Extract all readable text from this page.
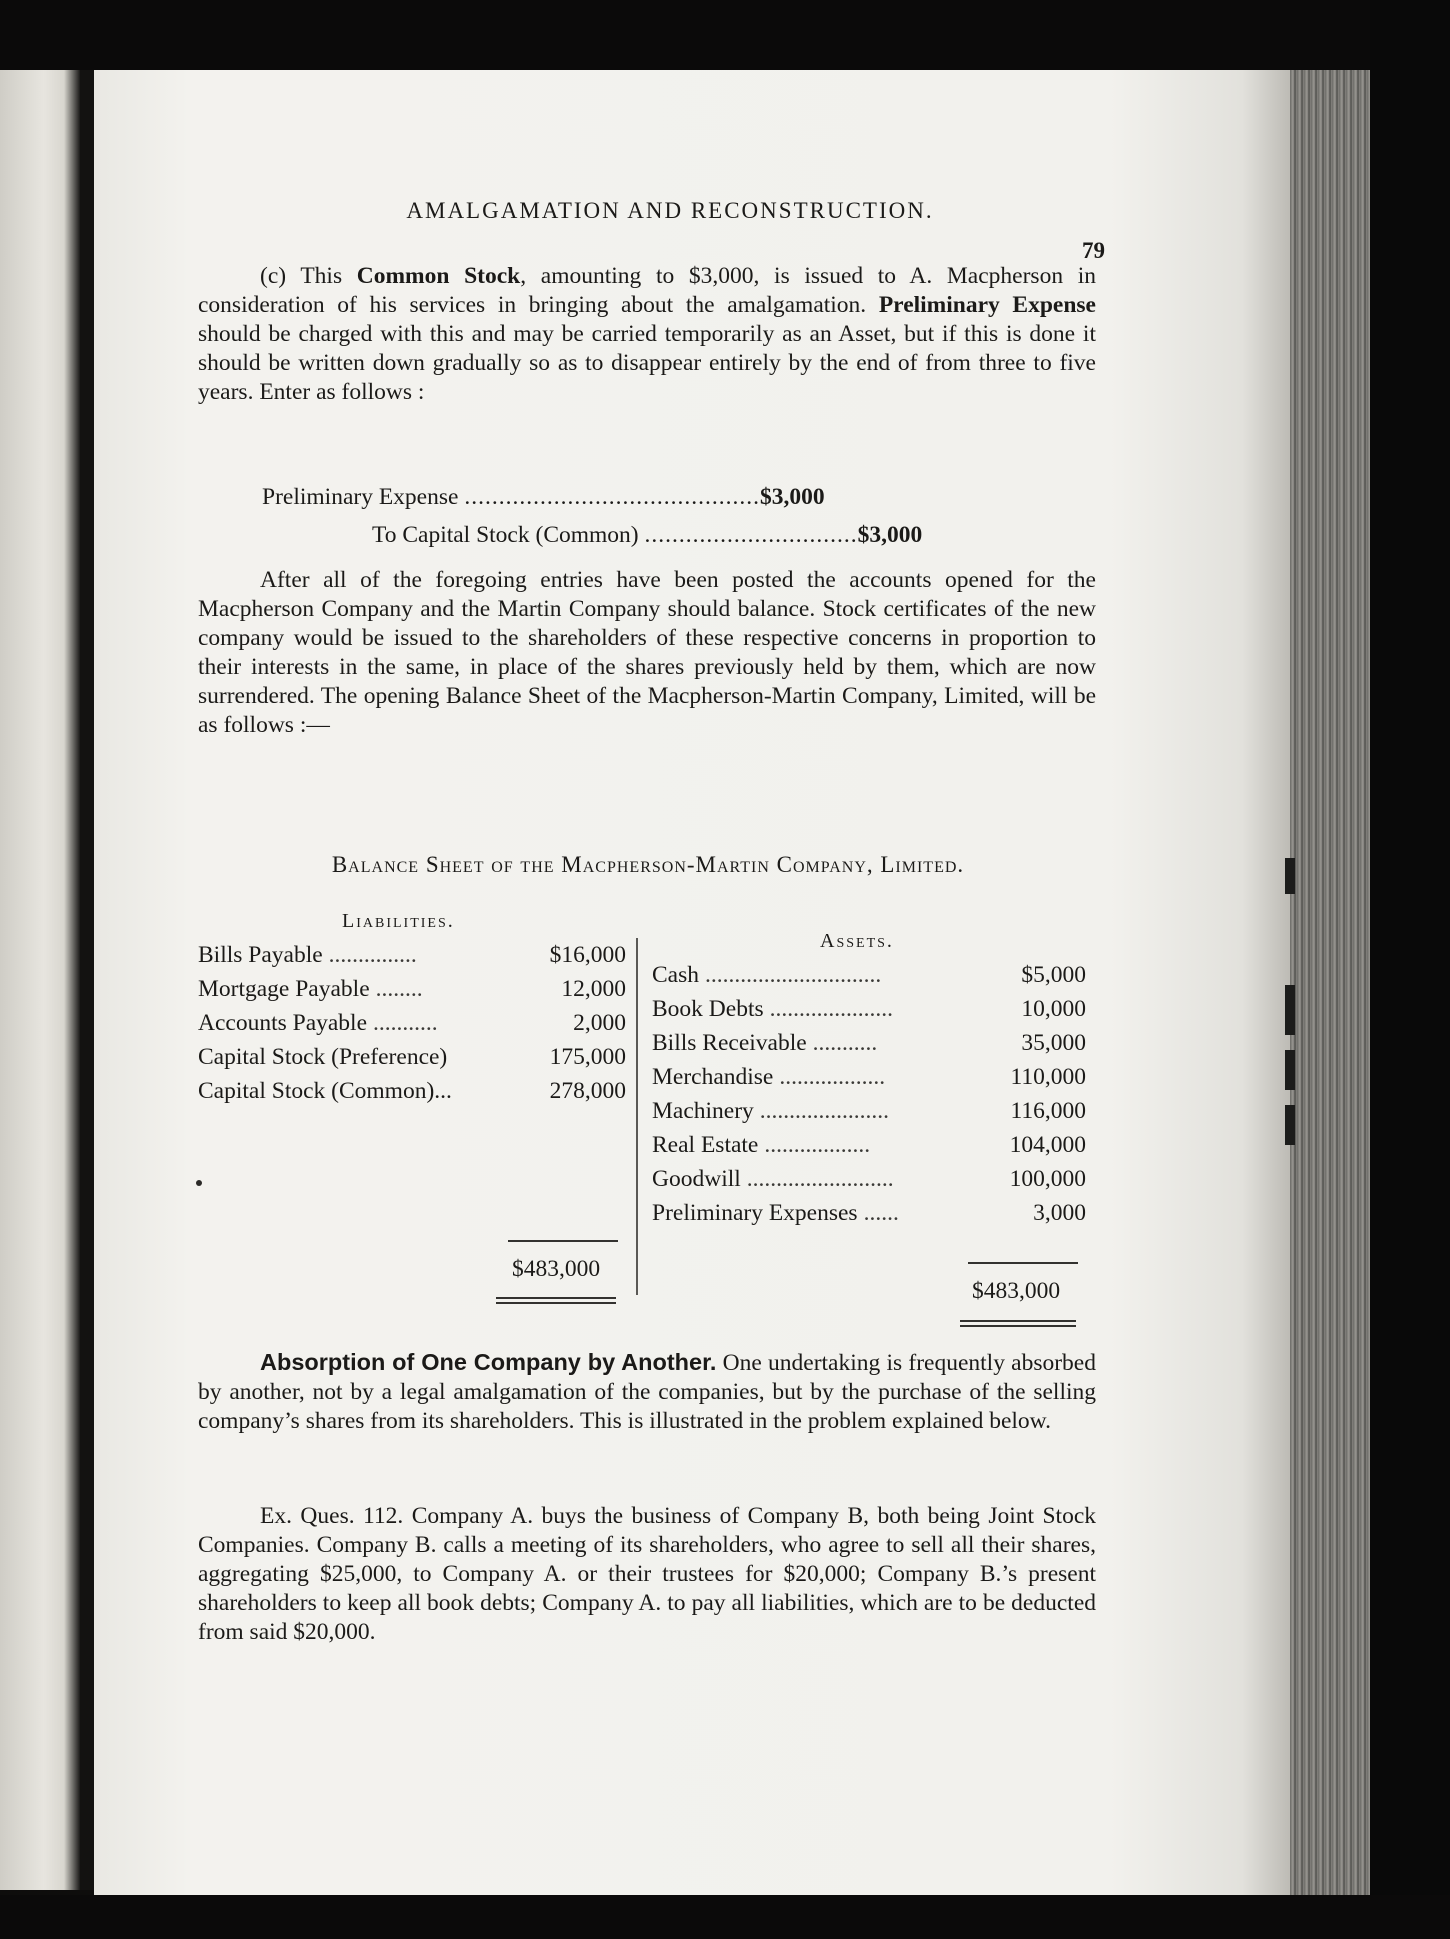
AMALGAMATION AND RECONSTRUCTION.
79

(c) This Common Stock, amounting to $3,000, is issued to A. Macpherson in consideration of his services in bringing about the amalgamation. Preliminary Expense should be charged with this and may be carried temporarily as an Asset, but if this is done it should be written down gradually so as to disappear entirely by the end of from three to five years. Enter as follows :

Preliminary Expense ...........................................$3,000
To Capital Stock (Common) ...............................$3,000

After all of the foregoing entries have been posted the accounts opened for the Macpherson Company and the Martin Company should balance. Stock certificates of the new company would be issued to the shareholders of these respective concerns in proportion to their interests in the same, in place of the shares previously held by them, which are now surrendered. The opening Balance Sheet of the Macpherson-Martin Company, Limited, will be as follows :—

Balance Sheet of the Macpherson-Martin Company, Limited.
Liabilities.
Assets.
Bills Payable ...............	$16,000
Mortgage Payable ........	12,000
Accounts Payable ...........	2,000
Capital Stock (Preference)	175,000
Capital Stock (Common)...	278,000
Cash ..............................	$5,000
Book Debts .....................	10,000
Bills Receivable ...........	35,000
Merchandise ..................	110,000
Machinery ......................	116,000
Real Estate ..................	104,000
Goodwill .........................	100,000
Preliminary Expenses ......	3,000
$483,000
$483,000

Absorption of One Company by Another. One undertaking is frequently absorbed by another, not by a legal amalgamation of the companies, but by the purchase of the selling company’s shares from its shareholders. This is illustrated in the problem explained below.

Ex. Ques. 112. Company A. buys the business of Company B, both being Joint Stock Companies. Company B. calls a meeting of its shareholders, who agree to sell all their shares, aggregating $25,000, to Company A. or their trustees for $20,000; Company B.’s present shareholders to keep all book debts; Company A. to pay all liabilities, which are to be deducted from said $20,000.
